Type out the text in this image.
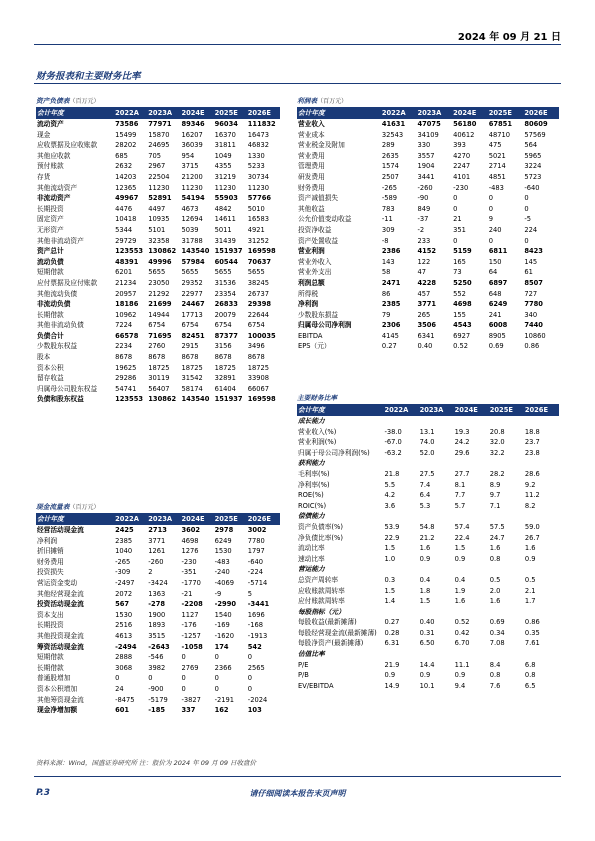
2024 年 09 月 21 日
财务报表和主要财务比率
资产负债表（百万元）
会计年度	2022A	2023A	2024E	2025E	2026E
流动资产	73586	77971	89346	96034	111832
现金	15499	15870	16207	16370	16473
应收票据及应收账款	28202	24695	36039	31811	46832
其他应收款	685	705	954	1049	1330
预付账款	2632	2967	3715	4355	5233
存货	14203	22504	21200	31219	30734
其他流动资产	12365	11230	11230	11230	11230
非流动资产	49967	52891	54194	55903	57766
长期投资	4476	4497	4673	4842	5010
固定资产	10418	10935	12694	14611	16583
无形资产	5344	5101	5039	5011	4921
其他非流动资产	29729	32358	31788	31439	31252
资产总计	123553	130862	143540	151937	169598
流动负债	48391	49996	57984	60544	70637
短期借款	6201	5655	5655	5655	5655
应付票据及应付账款	21234	23050	29352	31536	38245
其他流动负债	20957	21292	22977	23354	26737
非流动负债	18186	21699	24467	26833	29398
长期借款	10962	14944	17713	20079	22644
其他非流动负债	7224	6754	6754	6754	6754
负债合计	66578	71695	82451	87377	100035
少数股东权益	2234	2760	2915	3156	3496
股本	8678	8678	8678	8678	8678
资本公积	19625	18725	18725	18725	18725
留存收益	29286	30119	31542	32891	33908
归属母公司股东权益	54741	56407	58174	61404	66067
负债和股东权益	123553	130862	143540	151937	169598
利润表（百万元）
会计年度	2022A	2023A	2024E	2025E	2026E
营业收入	41631	47075	56180	67851	80609
营业成本	32543	34109	40612	48710	57569
营业税金及附加	289	330	393	475	564
营业费用	2635	3557	4270	5021	5965
管理费用	1574	1904	2247	2714	3224
研发费用	2507	3441	4101	4851	5723
财务费用	-265	-260	-230	-483	-640
资产减值损失	-589	-90	0	0	0
其他收益	783	849	0	0	0
公允价值变动收益	-11	-37	21	9	-5
投资净收益	309	-2	351	240	224
资产处置收益	-8	233	0	0	0
营业利润	2386	4152	5159	6811	8423
营业外收入	143	122	165	150	145
营业外支出	58	47	73	64	61
利润总额	2471	4228	5250	6897	8507
所得税	86	457	552	648	727
净利润	2385	3771	4698	6249	7780
少数股东损益	79	265	155	241	340
归属母公司净利润	2306	3506	4543	6008	7440
EBITDA	4145	6341	6927	8905	10860
EPS（元）	0.27	0.40	0.52	0.69	0.86
主要财务比率
会计年度	2022A	2023A	2024E	2025E	2026E
成长能力					
营业收入(%)	-38.0	13.1	19.3	20.8	18.8
营业利润(%)	-67.0	74.0	24.2	32.0	23.7
归属于母公司净利润(%)	-63.2	52.0	29.6	32.2	23.8
获利能力					
毛利率(%)	21.8	27.5	27.7	28.2	28.6
净利率(%)	5.5	7.4	8.1	8.9	9.2
ROE(%)	4.2	6.4	7.7	9.7	11.2
ROIC(%)	3.6	5.3	5.7	7.1	8.2
偿债能力					
资产负债率(%)	53.9	54.8	57.4	57.5	59.0
净负债比率(%)	22.9	21.2	22.4	24.7	26.7
流动比率	1.5	1.6	1.5	1.6	1.6
速动比率	1.0	0.9	0.9	0.8	0.9
营运能力					
总资产周转率	0.3	0.4	0.4	0.5	0.5
应收账款周转率	1.5	1.8	1.9	2.0	2.1
应付账款周转率	1.4	1.5	1.6	1.6	1.7
每股指标（元）					
每股收益(最新摊薄)	0.27	0.40	0.52	0.69	0.86
每股经营现金流(最新摊薄)	0.28	0.31	0.42	0.34	0.35
每股净资产(最新摊薄)	6.31	6.50	6.70	7.08	7.61
估值比率					
P/E	21.9	14.4	11.1	8.4	6.8
P/B	0.9	0.9	0.9	0.8	0.8
EV/EBITDA	14.9	10.1	9.4	7.6	6.5
现金流量表（百万元）
会计年度	2022A	2023A	2024E	2025E	2026E
经营活动现金流	2425	2713	3602	2978	3002
净利润	2385	3771	4698	6249	7780
折旧摊销	1040	1261	1276	1530	1797
财务费用	-265	-260	-230	-483	-640
投资损失	-309	2	-351	-240	-224
营运资金变动	-2497	-3424	-1770	-4069	-5714
其他经营现金流	2072	1363	-21	-9	5
投资活动现金流	567	-278	-2208	-2990	-3441
资本支出	1530	1900	1127	1540	1696
长期投资	2516	1893	-176	-169	-168
其他投资现金流	4613	3515	-1257	-1620	-1913
筹资活动现金流	-2494	-2643	-1058	174	542
短期借款	2888	-546	0	0	0
长期借款	3068	3982	2769	2366	2565
普通股增加	0	0	0	0	0
资本公积增加	24	-900	0	0	0
其他筹资现金流	-8475	-5179	-3827	-2191	-2024
现金净增加额	601	-185	337	162	103
资料来源：Wind，国盛证券研究所 注：股价为 2024 年 09 月 09 日收盘价
P.3	请仔细阅读本报告末页声明
